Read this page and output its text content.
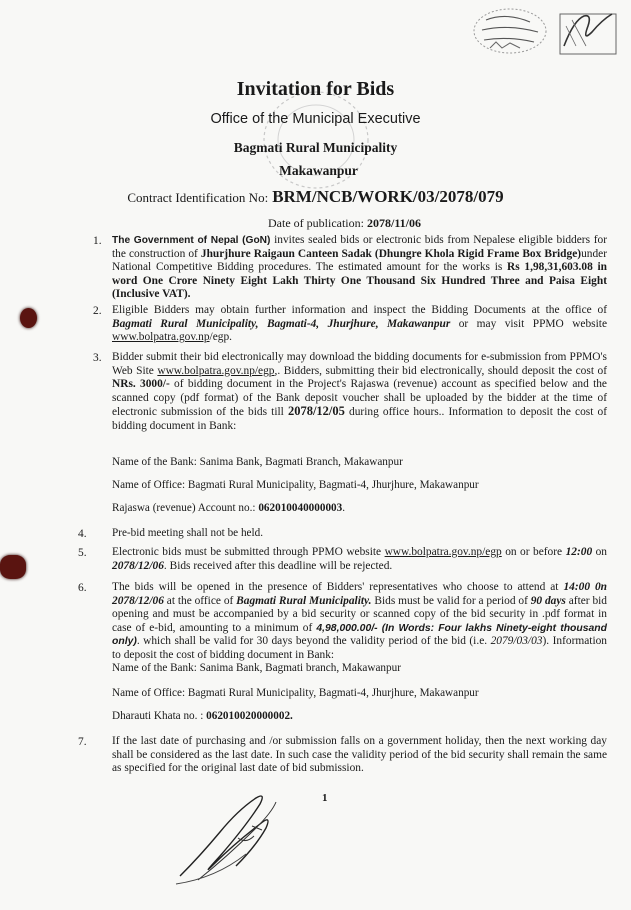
Invitation for Bids
Office of the Municipal Executive
Bagmati Rural Municipality
Makawanpur
Contract Identification No: BRM/NCB/WORK/03/2078/079
Date of publication: 2078/11/06
1. The Government of Nepal (GoN) invites sealed bids or electronic bids from Nepalese eligible bidders for the construction of Jhurjhure Raigaun Canteen Sadak (Dhungre Khola Rigid Frame Box Bridge)under National Competitive Bidding procedures. The estimated amount for the works is Rs 1,98,31,603.08 in word One Crore Ninety Eight Lakh Thirty One Thousand Six Hundred Three and Paisa Eight (Inclusive VAT).
2. Eligible Bidders may obtain further information and inspect the Bidding Documents at the office of Bagmati Rural Municipality, Bagmati-4, Jhurjhure, Makawanpur or may visit PPMO website www.bolpatra.gov.np/egp.
3. Bidder submit their bid electronically may download the bidding documents for e-submission from PPMO's Web Site www.bolpatra.gov.np/egp,. Bidders, submitting their bid electronically, should deposit the cost of NRs. 3000/- of bidding document in the Project's Rajaswa (revenue) account as specified below and the scanned copy (pdf format) of the Bank deposit voucher shall be uploaded by the bidder at the time of electronic submission of the bids till 2078/12/05 during office hours.. Information to deposit the cost of bidding document in Bank:
Name of the Bank: Sanima Bank, Bagmati Branch, Makawanpur
Name of Office: Bagmati Rural Municipality, Bagmati-4, Jhurjhure, Makawanpur
Rajaswa (revenue) Account no.: 062010040000003.
4. Pre-bid meeting shall not be held.
5. Electronic bids must be submitted through PPMO website www.bolpatra.gov.np/egp on or before 12:00 on 2078/12/06. Bids received after this deadline will be rejected.
6. The bids will be opened in the presence of Bidders' representatives who choose to attend at 14:00 0n 2078/12/06 at the office of Bagmati Rural Municipality. Bids must be valid for a period of 90 days after bid opening and must be accompanied by a bid security or scanned copy of the bid security in .pdf format in case of e-bid, amounting to a minimum of 4,98,000.00/- (In Words: Four lakhs Ninety-eight thousand only). which shall be valid for 30 days beyond the validity period of the bid (i.e. 2079/03/03). Information to deposit the cost of bidding document in Bank:
Name of the Bank: Sanima Bank, Bagmati branch, Makawanpur
Name of Office: Bagmati Rural Municipality, Bagmati-4, Jhurjhure, Makawanpur
Dharauti Khata no. : 062010020000002.
7. If the last date of purchasing and /or submission falls on a government holiday, then the next working day shall be considered as the last date. In such case the validity period of the bid security shall remain the same as specified for the original last date of bid submission.
1
